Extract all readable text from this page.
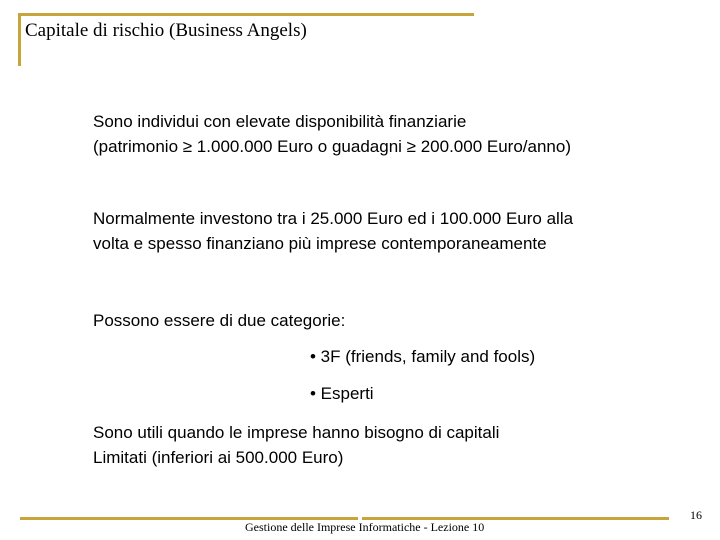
Capitale di rischio (Business Angels)
Sono individui con elevate disponibilità finanziarie
(patrimonio ≥ 1.000.000 Euro o guadagni ≥ 200.000 Euro/anno)
Normalmente investono tra i 25.000 Euro ed i 100.000 Euro alla
volta e spesso finanziano più imprese contemporaneamente
Possono essere di due categorie:
• 3F (friends, family and fools)
• Esperti
Sono utili quando le imprese hanno bisogno di capitali
Limitati (inferiori ai 500.000 Euro)
Gestione delle Imprese Informatiche - Lezione 10
16
